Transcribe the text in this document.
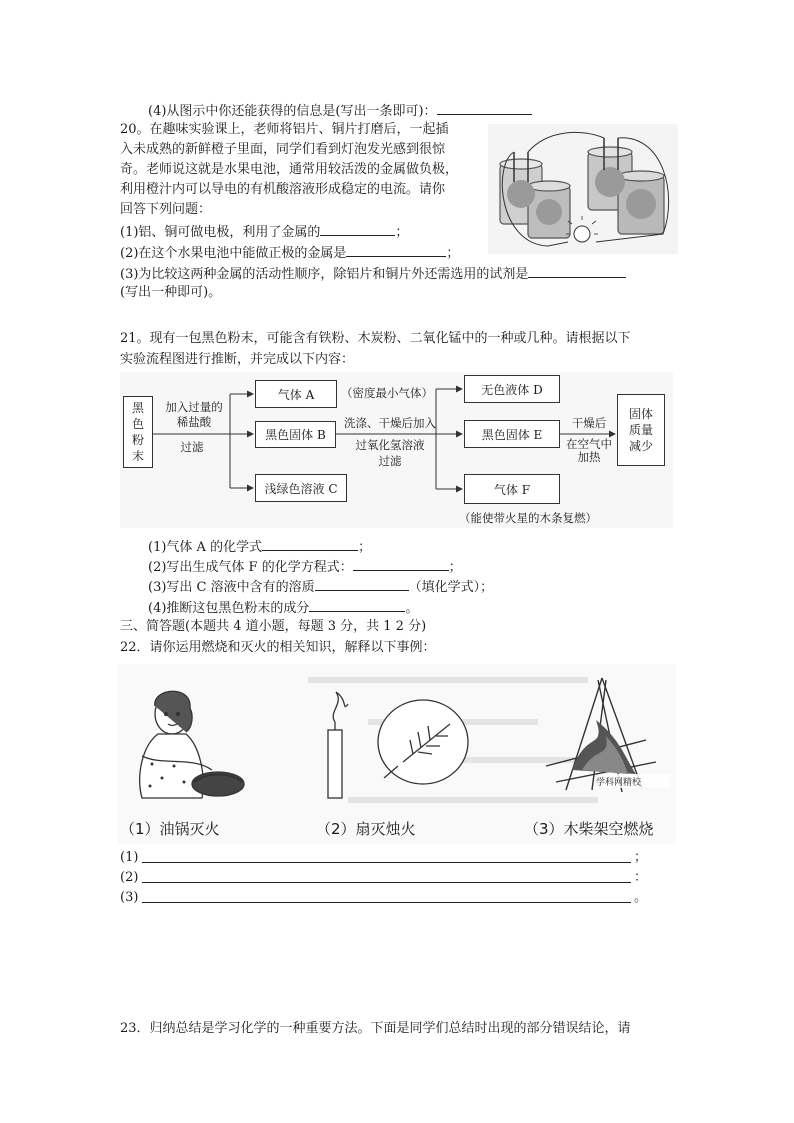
(4)从图示中你还能获得的信息是(写出一条即可)：
20。在趣味实验课上，老师将铝片、铜片打磨后，一起插
入未成熟的新鲜橙子里面，同学们看到灯泡发光感到很惊
奇。老师说这就是水果电池，通常用较活泼的金属做负极，
利用橙汁内可以导电的有机酸溶液形成稳定的电流。请你
回答下列问题：
(1)铝、铜可做电极，利用了金属的	；
(2)在这个水果电池中能做正极的金属是	；
(3)为比较这两种金属的活动性顺序，除铝片和铜片外还需选用的试剂是
(写出一种即可)。
21。现有一包黑色粉末，可能含有铁粉、木炭粉、二氧化锰中的一种或几种。请根据以下
实验流程图进行推断，并完成以下内容：
黑色粉末
加入过量的稀盐酸
过滤
气体 A	（密度最小气体）
黑色固体 B
浅绿色溶液 C
洗涤、干燥后加入
过氧化氢溶液
过滤
无色液体 D
黑色固体 E
气体 F
（能使带火星的木条复燃）
干燥后
在空气中加热
固体质量减少
(1)气体 A 的化学式	；
(2)写出生成气体 F 的化学方程式：	；
(3)写出 C 溶液中含有的溶质	（填化学式）；
(4)推断这包黑色粉末的成分	。
三、简答题(本题共 4 道小题，每题 3 分，共 1 2 分)
22．请你运用燃烧和灭火的相关知识，解释以下事例：
学科网精校
（1）油锅灭火	（2）扇灭烛火	（3）木柴架空燃烧
(1)	；
(2)	：
(3)	。
23．归纳总结是学习化学的一种重要方法。下面是同学们总结时出现的部分错误结论，请
